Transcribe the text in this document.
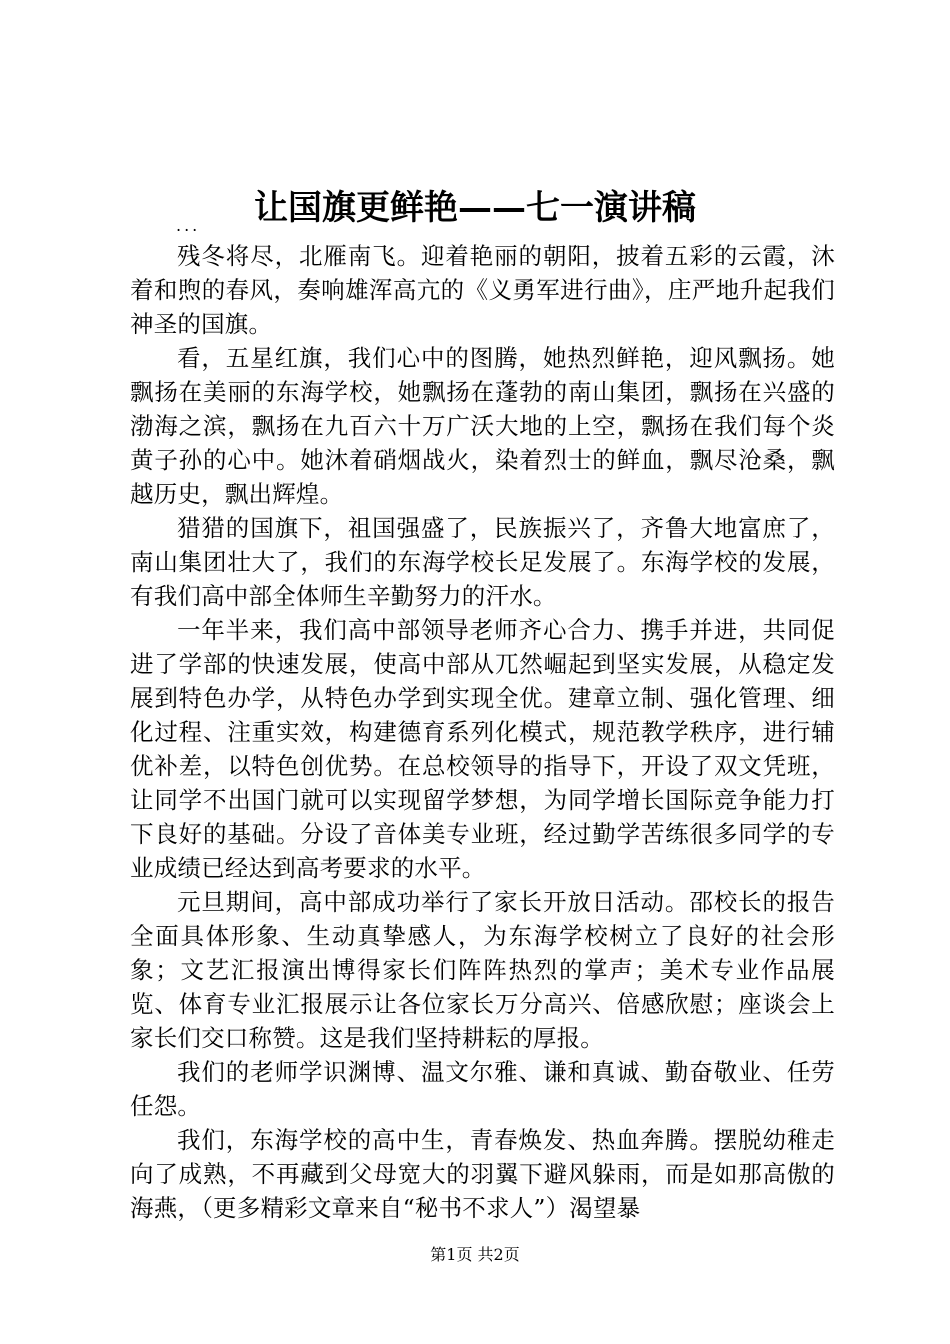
让国旗更鲜艳——七一演讲稿

...

残冬将尽，北雁南飞。迎着艳丽的朝阳，披着五彩的云霞，沐着和煦的春风，奏响雄浑高亢的《义勇军进行曲》，庄严地升起我们神圣的国旗。

看，五星红旗，我们心中的图腾，她热烈鲜艳，迎风飘扬。她飘扬在美丽的东海学校，她飘扬在蓬勃的南山集团，飘扬在兴盛的渤海之滨，飘扬在九百六十万广沃大地的上空，飘扬在我们每个炎黄子孙的心中。她沐着硝烟战火，染着烈士的鲜血，飘尽沧桑，飘越历史，飘出辉煌。

猎猎的国旗下，祖国强盛了，民族振兴了，齐鲁大地富庶了，南山集团壮大了，我们的东海学校长足发展了。东海学校的发展，有我们高中部全体师生辛勤努力的汗水。

一年半来，我们高中部领导老师齐心合力、携手并进，共同促进了学部的快速发展，使高中部从兀然崛起到坚实发展，从稳定发展到特色办学，从特色办学到实现全优。建章立制、强化管理、细化过程、注重实效，构建德育系列化模式，规范教学秩序，进行辅优补差，以特色创优势。在总校领导的指导下，开设了双文凭班，让同学不出国门就可以实现留学梦想，为同学增长国际竞争能力打下良好的基础。分设了音体美专业班，经过勤学苦练很多同学的专业成绩已经达到高考要求的水平。

元旦期间，高中部成功举行了家长开放日活动。邵校长的报告全面具体形象、生动真挚感人，为东海学校树立了良好的社会形象；文艺汇报演出博得家长们阵阵热烈的掌声；美术专业作品展览、体育专业汇报展示让各位家长万分高兴、倍感欣慰；座谈会上家长们交口称赞。这是我们坚持耕耘的厚报。

我们的老师学识渊博、温文尔雅、谦和真诚、勤奋敬业、任劳任怨。

我们，东海学校的高中生，青春焕发、热血奔腾。摆脱幼稚走向了成熟，不再藏到父母宽大的羽翼下避风躲雨，而是如那高傲的海燕，（更多精彩文章来自“秘书不求人”）渴望暴

第1页 共2页
